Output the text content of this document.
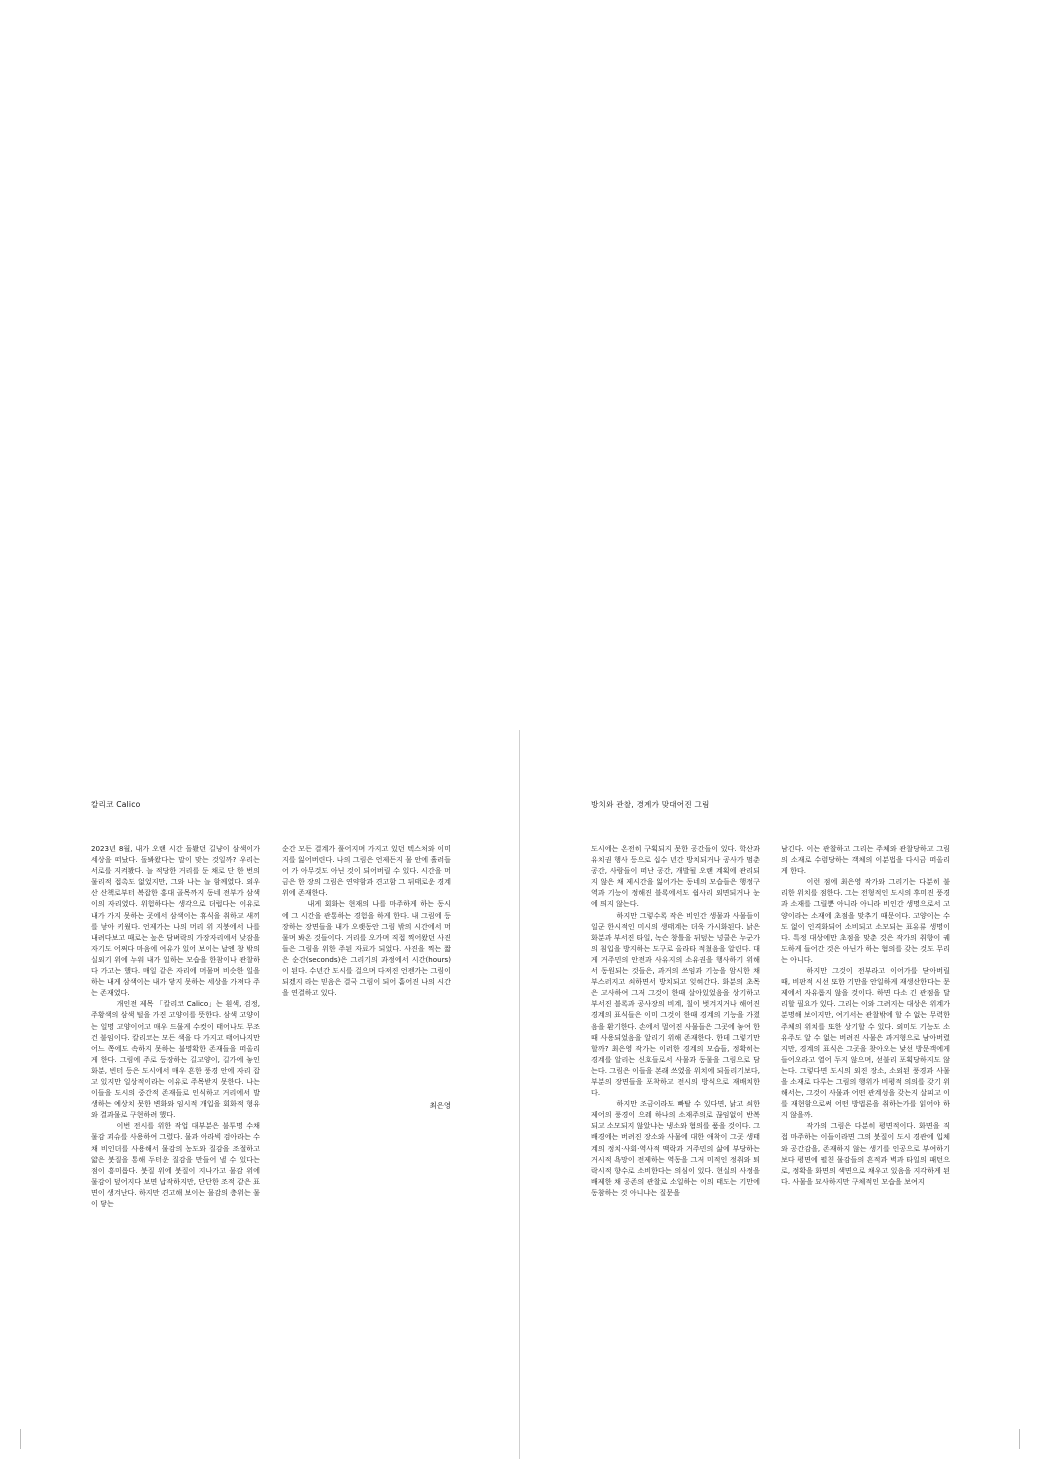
칼리코 Calico

2023년 8월, 내가 오랜 시간 돌봤던 길냥이 삼색이가 세상을 떠났다. 돌봐왔다는 말이 맞는 것일까? 우리는 서로를 지켜봤다. 늘 적당한 거리를 둔 채로 단 한 번의 물리적 접촉도 없었지만, 그와 나는 늘 함께였다. 외우산 산책로부터 복잡한 홍대 골목까지 동네 전부가 삼색이의 자리였다. 위험하다는 생각으로 더럽다는 이유로 내가 가지 못하는 곳에서 삼색이는 휴식을 취하고 새끼를 낳아 키웠다. 언제가는 나의 머리 위 지붕에서 나를 내려다보고 때로는 높은 담벼락의 가장자리에서 낮잠을 자기도 어쩌다 마음에 여유가 있어 보이는 날엔 창 밖의 실외기 위에 누워 내가 일하는 모습을 한참이나 관찰하다 가고는 했다. 매일 같은 자리에 머물며 비슷한 일을 하는 내게 삼색이는 내가 닿지 못하는 세상을 가져다 주는 존재였다.

개인전 제목 「칼리코 Calico」는 흰색, 검정, 주황색의 삼색 털을 가진 고양이를 뜻한다. 삼색 고양이는 일명 고양이어고 매우 드물게 수컷이 태어나도 무조건 불임이다. 칼리코는 모든 색을 다 가지고 태어나지만 어느 쪽에도 속하지 못하는 불명확한 존재들을 떠올리게 한다. 그림에 주로 등장하는 길고양이, 길가에 놓인 화분, 빈터 등은 도시에서 매우 흔한 풍경 안에 자리 잡고 있지만 일상적이라는 이유로 주목받지 못한다. 나는 이들을 도시의 중간적 존재들로 인식하고 거리에서 발생하는 예상치 못한 변화와 임시적 개입을 회화적 형유와 결과물로 구현하려 했다.

이번 전시를 위한 작업 대부분은 불투명 수채물감 괴슈를 사용하여 그렸다. 물과 아라빅 검아라는 수채 비인더를 사용해서 물감의 농도와 질감을 조절하고 얇은 붓질을 통해 두터운 질감을 만들어 낼 수 있다는 점이 흥미롭다. 붓질 위에 붓질이 지나가고 물감 위에 물감이 덮어지다 보면 납작하지만, 단단한 조적 같은 표면이 생겨난다. 하지만 견고해 보이는 물감의 층위는 물이 닿는

순간 모든 결계가 풀어지며 가지고 있던 텍스처와 이미지를 잃어버린다. 나의 그림은 언제든지 물 안에 흘러들어 가 아무것도 아닌 것이 되어버릴 수 있다. 시간을 머금은 한 장의 그림은 연약함과 견고함 그 뒤태로운 경계 위에 존재한다.

내게 회화는 현재의 나를 마주하게 하는 동시에 그 시간을 관통하는 경험을 하게 한다. 내 그림에 등장하는 장면들을 내가 오랫동안 그림 밖의 시간에서 머물며 봐온 것들이다. 거리를 오가며 직접 찍어왔던 사진들은 그림을 위한 주된 자료가 되었다. 사진을 찍는 짧은 순간(seconds)은 그리기의 과정에서 시간(hours)이 된다. 수년간 도시를 걸으며 다져진 언젠가는 그림이 되겠지 라는 믿음은 결국 그림이 되어 흩어진 나의 시간을 연결하고 있다.

최은영
방치와 관찰, 경계가 맞대어진 그림

도시에는 온전히 구획되지 못한 공간들이 있다. 학산과 유치권 행사 등으로 십수 년간 방치되거나 공사가 멈춘 공간, 사람들이 떠난 공간, 개발될 오랜 계획에 관리되지 않은 채 제시간을 잃어가는 동네의 모습들은 행정구역과 기능이 정해진 블록에서도 쉽사리 외면되거나 눈에 띄지 않는다.

하지만 그렇수록 작은 비인간 생물과 사물들이 일군 한시적인 미시의 생태계는 더욱 가시화된다. 낡은 화분과 부서진 타일, 녹슨 창틀을 뒤덮는 넝쿨은 누군가의 침입을 방지하는 도구로 올라타 적쳤음을 알린다. 대게 거주민의 안전과 사유지의 소유권을 행사하기 위해서 동원되는 것들은, 과거의 쓰임과 기능을 암시한 채 부스러지고 쇠하면서 방치되고 잊혀간다. 화분의 초목은 고사하여 그저 그것이 한때 살아있었음을 상기하고 부서진 블록과 공사장의 비계, 칠이 벗겨지거나 해어진 경계의 표식들은 이미 그것이 한때 경계의 기능을 가졌음을 환기한다. 손에서 멀어진 사물들은 그곳에 놓여 한때 사용되었음을 알리기 위해 존재한다. 한데 그렇기만 할까? 최은영 작가는 이러한 경계의 모습들, 정확히는 경계를 알리는 신호들로서 사물과 동물을 그림으로 담는다. 그림은 이들을 본래 쓰였을 위치에 되돌리기보다, 부분의 장면들을 포착하고 전시의 방식으로 재배치한다.

하지만 조금이라도 빠탈 수 있다면, 낡고 쇠한 제어의 풍경이 으레 하나의 소재주의로 끊임없이 반복되고 소모되지 않았냐는 냉소와 혐의를 품을 것이다. 그 배경에는 버려진 장소와 사물에 대한 애착이 그곳 생태계의 정치·사회·역사적 맥락과 거주민의 삶에 부당하는 거시적 욕망이 전제하는 역동을 그저 미적인 정취와 퇴락시적 향수로 소비한다는 의심이 있다. 현실의 사정을 배제한 채 공존의 관찰로 소일하는 이의 태도는 기만에 동참하는 것 아니냐는 질문을

남긴다. 이는 관찰하고 그리는 주체와 관찰당하고 그림의 소재로 수렴당하는 객체의 이분법을 다시금 떠올리게 한다.

이런 점에 최은영 작가와 그리기는 다분히 불리한 위치를 점한다. 그는 전형적인 도시의 후미진 풍경과 소재를 그릴뿐 아니라 아니라 비인간 생명으로서 고양이라는 소재에 초점을 맞추기 때문이다. 고양이는 수도 없이 인격화되어 소비되고 소모되는 표유류 생명이다. 특정 대상에만 초점을 맞춘 것은 작가의 취향이 궤도하게 들어간 것은 아닌가 하는 혐의를 갖는 것도 무리는 아니다.

하지만 그것이 전부라고 이어가를 닫아버릴 때, 비판적 시선 또한 기만을 안일하게 재생산한다는 문제에서 자유롭지 않을 것이다. 하면 다소 긴 관점을 달리할 필요가 있다. 그리는 이와 그려지는 대상은 위계가 분명해 보이지만, 여기서는 관찰밖에 할 수 없는 무력한 주체의 위치를 또한 상기할 수 있다. 외미도 기능도 소유주도 알 수 없는 버려진 사물은 과거형으로 남아버렸지만, 경계의 표식은 그곳을 찾아오는 낯선 방문객에게 들어오라고 열어 두지 않으며, 섣불리 포획당하지도 않는다. 그렇다면 도시의 외진 장소, 소외된 풍경과 사물을 소재로 다루는 그림의 행위가 비평적 의의를 갖기 위해서는, 그것이 사물과 어떤 관계성을 갖는지 살피고 이를 재현함으로써 어떤 방법론을 취하는가를 읽어야 하지 않을까.

작가의 그림은 다분히 평면적이다. 화면을 직접 마주하는 이들이라면 그의 붓질이 도시 경관에 입체와 공간감을, 존재하지 않는 생기를 인공으로 부여하기보다 평면에 펼친 물감들의 흔적과 벽과 타일의 패턴으로, 정확을 화면의 색면으로 채우고 있음을 지각하게 된다. 사물을 묘사하지만 구체적인 모습을 보여지
